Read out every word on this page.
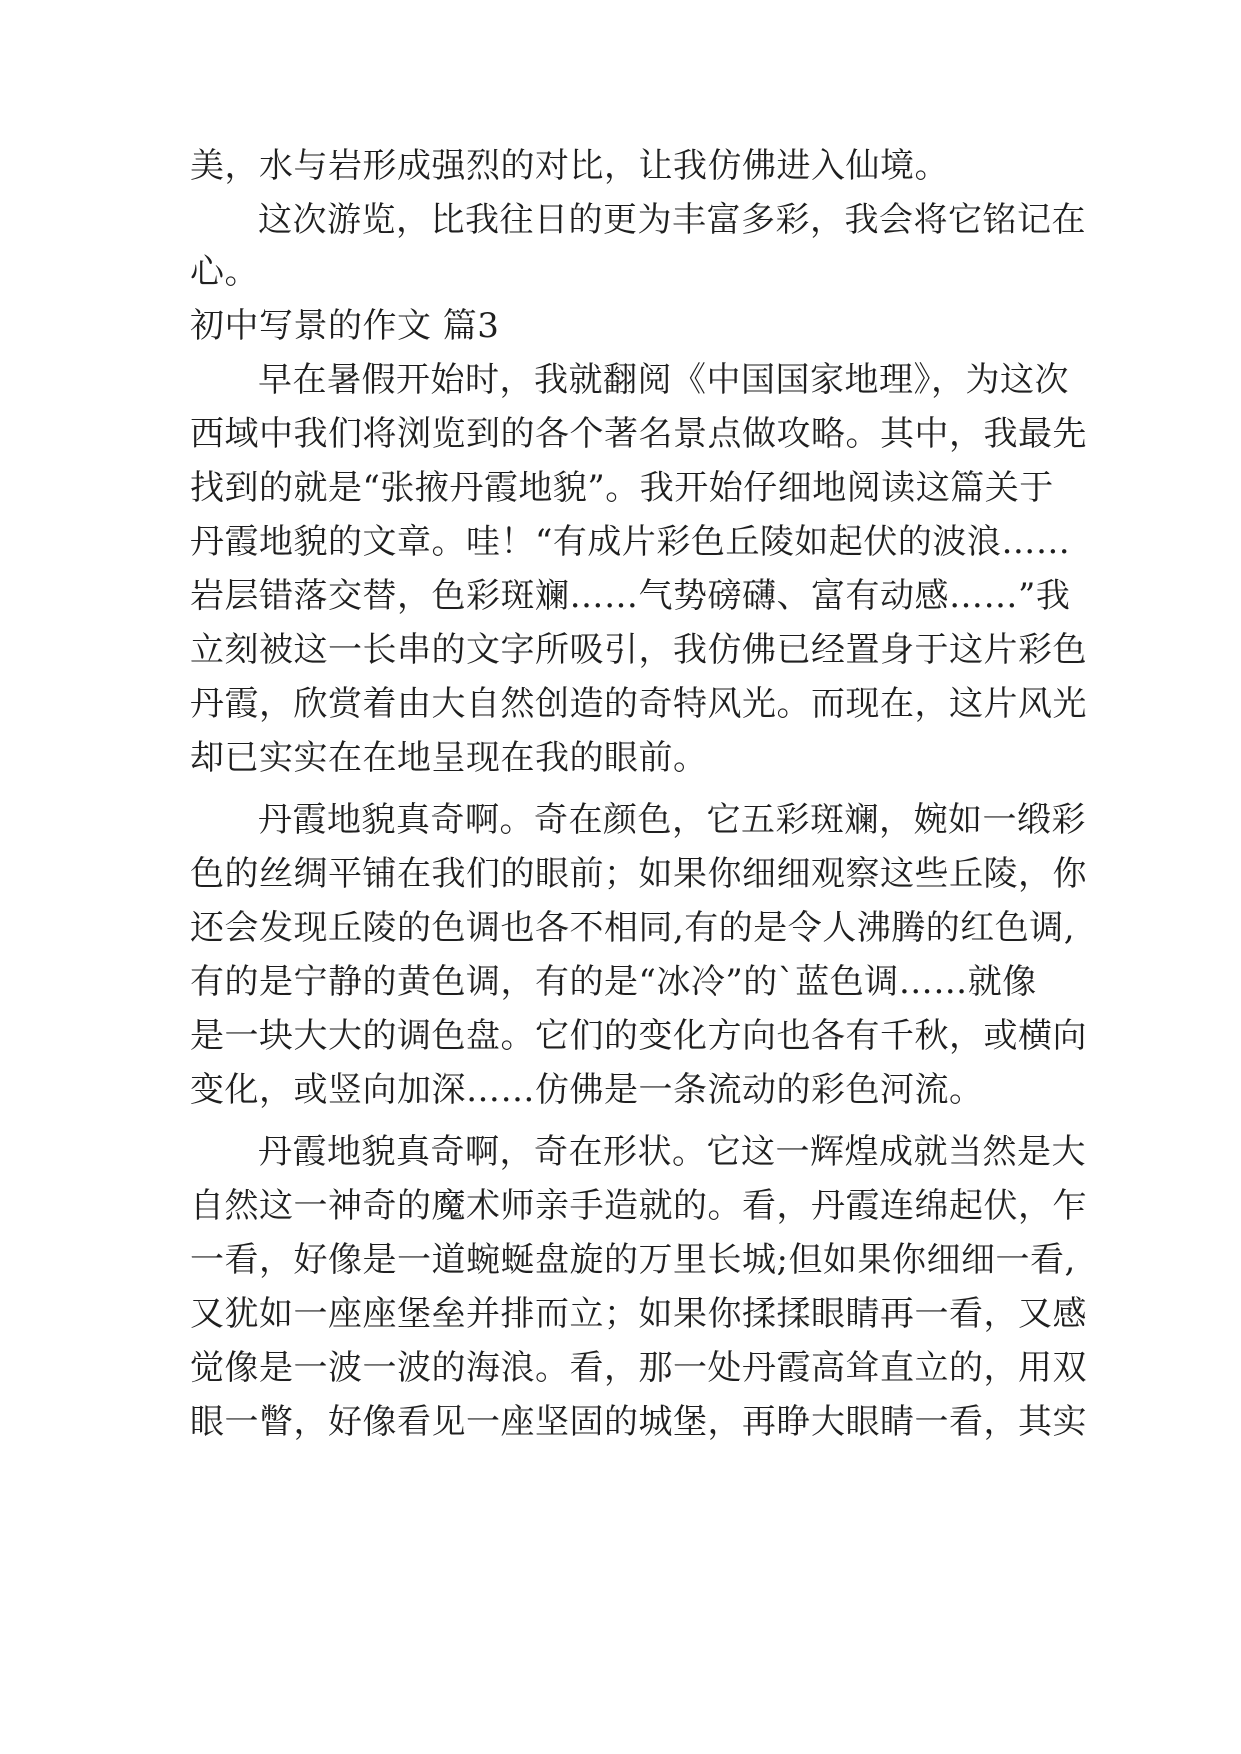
美，水与岩形成强烈的对比，让我仿佛进入仙境。
这次游览，比我往日的更为丰富多彩，我会将它铭记在
心。
初中写景的作文 篇3
早在暑假开始时，我就翻阅《中国国家地理》，为这次
西域中我们将浏览到的各个著名景点做攻略。其中，我最先
找到的就是“张掖丹霞地貌”。我开始仔细地阅读这篇关于
丹霞地貌的文章。哇！“有成片彩色丘陵如起伏的波浪……
岩层错落交替，色彩斑斓……气势磅礴、富有动感……”我
立刻被这一长串的文字所吸引，我仿佛已经置身于这片彩色
丹霞，欣赏着由大自然创造的奇特风光。而现在，这片风光
却已实实在在地呈现在我的眼前。
丹霞地貌真奇啊。奇在颜色，它五彩斑斓，婉如一缎彩
色的丝绸平铺在我们的眼前；如果你细细观察这些丘陵，你
还会发现丘陵的色调也各不相同,有的是令人沸腾的红色调,
有的是宁静的黄色调，有的是“冰冷”的`蓝色调……就像
是一块大大的调色盘。它们的变化方向也各有千秋，或横向
变化，或竖向加深……仿佛是一条流动的彩色河流。
丹霞地貌真奇啊，奇在形状。它这一辉煌成就当然是大
自然这一神奇的魔术师亲手造就的。看，丹霞连绵起伏，乍
一看，好像是一道蜿蜒盘旋的万里长城;但如果你细细一看,
又犹如一座座堡垒并排而立；如果你揉揉眼睛再一看，又感
觉像是一波一波的海浪。看，那一处丹霞高耸直立的，用双
眼一瞥，好像看见一座坚固的城堡，再睁大眼睛一看，其实
